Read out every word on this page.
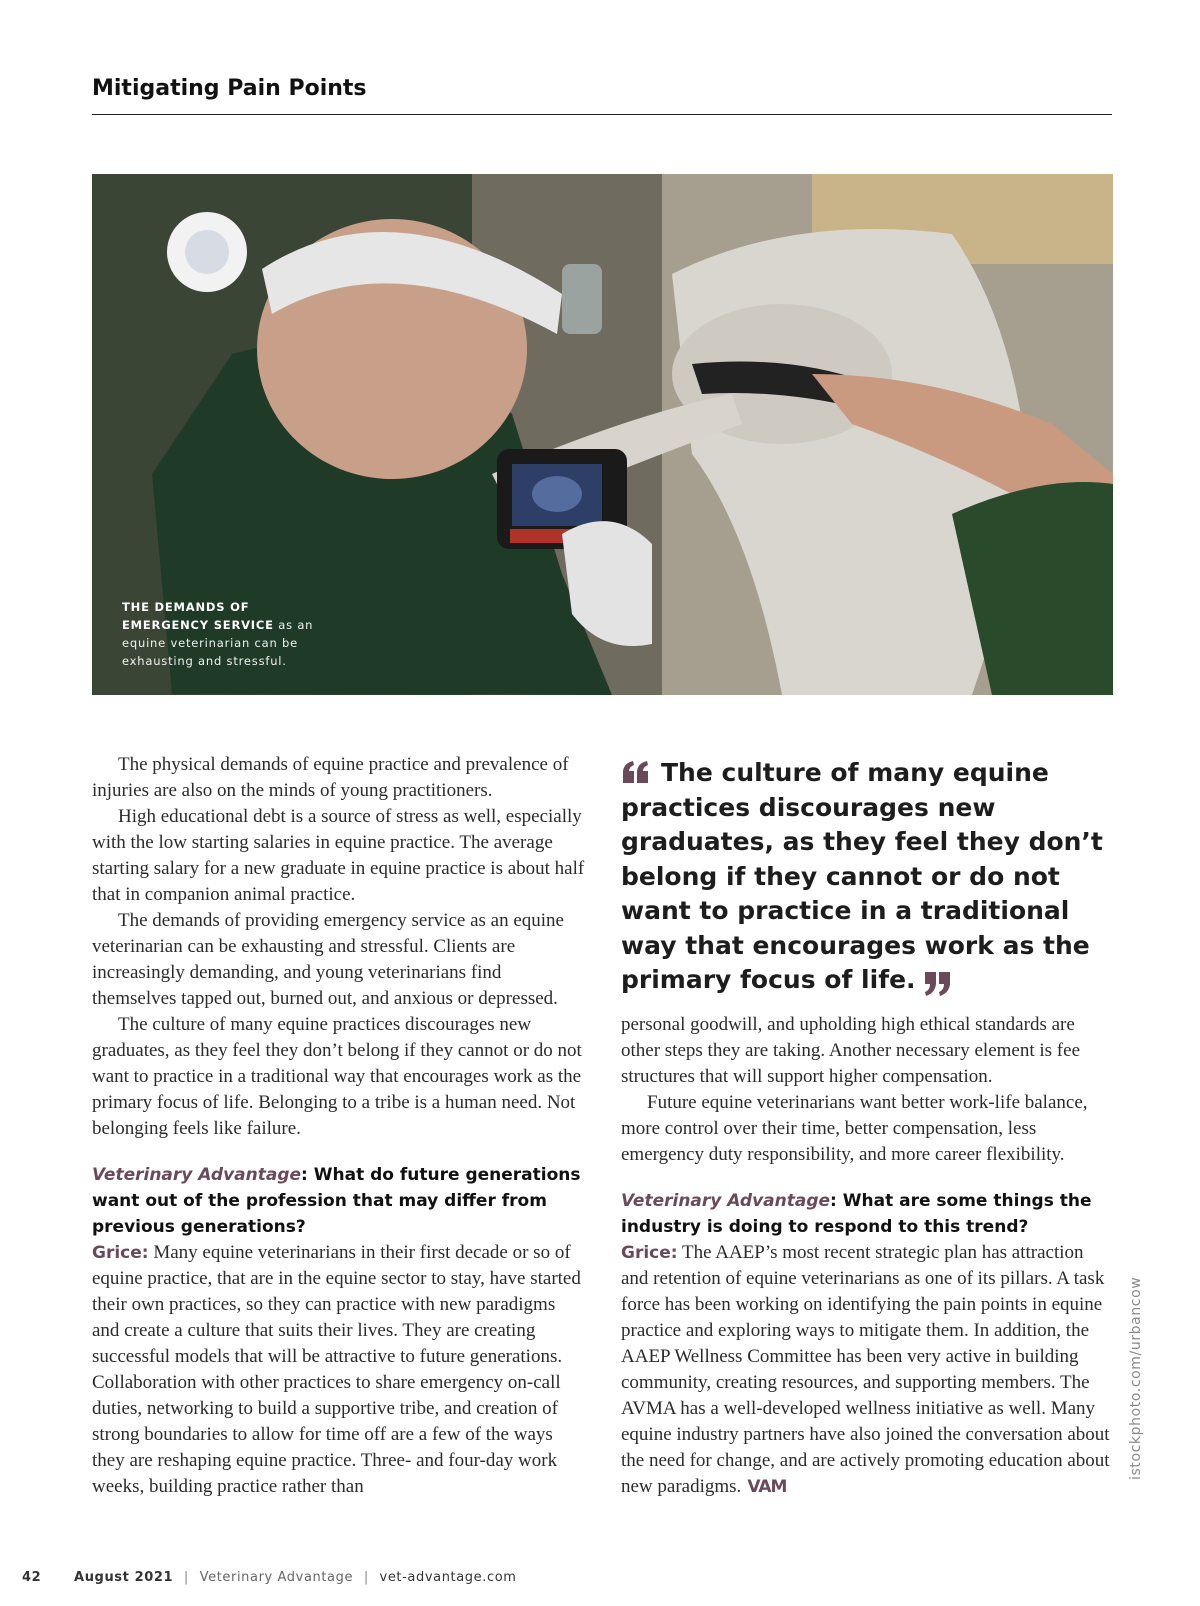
Mitigating Pain Points
THE DEMANDS OF
EMERGENCY SERVICE as an
equine veterinarian can be
exhausting and stressful.

The physical demands of equine practice and prevalence of injuries are also on the minds of young practitioners.

High educational debt is a source of stress as well, especially with the low starting salaries in equine practice. The average starting salary for a new graduate in equine practice is about half that in companion animal practice.

The demands of providing emergency service as an equine veterinarian can be exhausting and stressful. Clients are increasingly demanding, and young veterinarians find themselves tapped out, burned out, and anxious or depressed.

The culture of many equine practices discourages new graduates, as they feel they don’t belong if they cannot or do not want to practice in a traditional way that encourages work as the primary focus of life. Belonging to a tribe is a human need. Not belonging feels like failure.

Veterinary Advantage: What do future generations want out of the profession that may differ from previous generations?

Grice: Many equine veterinarians in their first decade or so of equine practice, that are in the equine sector to stay, have started their own practices, so they can practice with new paradigms and create a culture that suits their lives. They are creating successful models that will be attractive to future generations. Collaboration with other practices to share emergency on-call duties, networking to build a supportive tribe, and creation of strong boundaries to allow for time off are a few of the ways they are reshaping equine practice. Three- and four-day work weeks, building practice rather than

The culture of many equine practices discourages new graduates, as they feel they don’t belong if they cannot or do not want to practice in a traditional way that encourages work as the primary focus of life.

personal goodwill, and upholding high ethical standards are other steps they are taking. Another necessary element is fee structures that will support higher compensation.

Future equine veterinarians want better work-life balance, more control over their time, better compensation, less emergency duty responsibility, and more career flexibility.

Veterinary Advantage: What are some things the industry is doing to respond to this trend?

Grice: The AAEP’s most recent strategic plan has attraction and retention of equine veterinarians as one of its pillars. A task force has been working on identifying the pain points in equine practice and exploring ways to mitigate them. In addition, the AAEP Wellness Committee has been very active in building community, creating resources, and supporting members. The AVMA has a well-developed wellness initiative as well. Many equine industry partners have also joined the conversation about the need for change, and are actively promoting education about new paradigms. VAM

istockphoto.com/urbancow
42	August 2021 | Veterinary Advantage | vet-advantage.com
